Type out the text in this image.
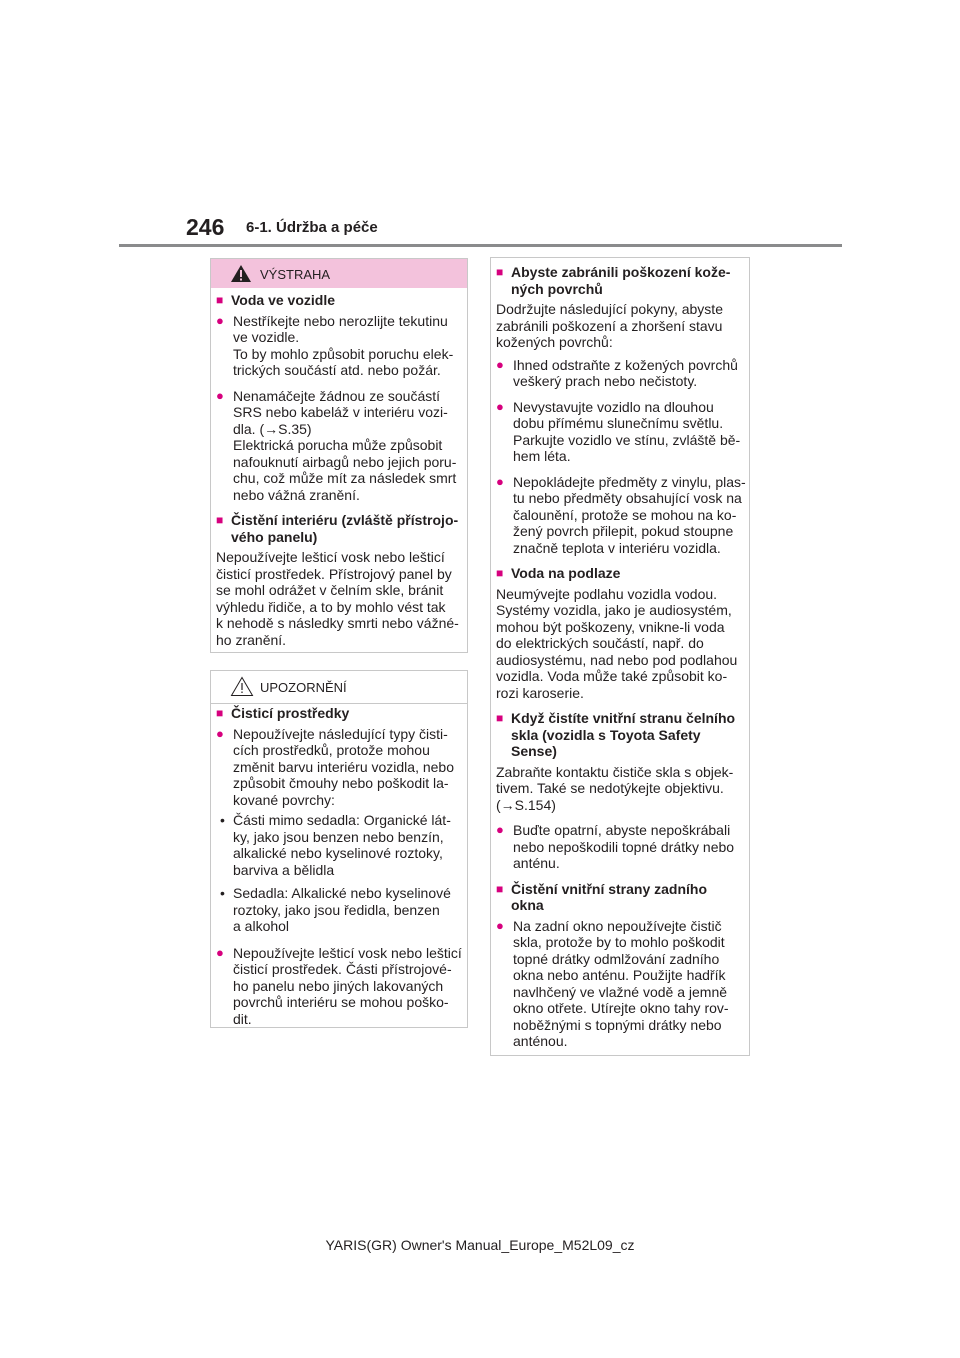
246 6-1. Údržba a péče
VÝSTRAHA
■ Voda ve vozidle
● Nestříkejte nebo nerozlijte tekutinu
ve vozidle.
To by mohlo způsobit poruchu elek-
trických součástí atd. nebo požár.
● Nenamáčejte žádnou ze součástí
SRS nebo kabeláž v interiéru vozi-
dla. (→S.35)
Elektrická porucha může způsobit
nafouknutí airbagů nebo jejich poru-
chu, což může mít za následek smrt
nebo vážná zranění.
■ Čistění interiéru (zvláště přístrojo-
vého panelu)
Nepoužívejte lešticí vosk nebo lešticí
čisticí prostředek. Přístrojový panel by
se mohl odrážet v čelním skle, bránit
výhledu řidiče, a to by mohlo vést tak
k nehodě s následky smrti nebo vážné-
ho zranění.
UPOZORNĚNÍ
■ Čisticí prostředky
● Nepoužívejte následující typy čisti-
cích prostředků, protože mohou
změnit barvu interiéru vozidla, nebo
způsobit čmouhy nebo poškodit la-
kované povrchy:
• Části mimo sedadla: Organické lát-
ky, jako jsou benzen nebo benzín,
alkalické nebo kyselinové roztoky,
barviva a bělidla
• Sedadla: Alkalické nebo kyselinové
roztoky, jako jsou ředidla, benzen
a alkohol
● Nepoužívejte lešticí vosk nebo lešticí
čisticí prostředek. Části přístrojové-
ho panelu nebo jiných lakovaných
povrchů interiéru se mohou poško-
dit.
■ Abyste zabránili poškození kože-
ných povrchů
Dodržujte následující pokyny, abyste
zabránili poškození a zhoršení stavu
kožených povrchů:
● Ihned odstraňte z kožených povrchů
veškerý prach nebo nečistoty.
● Nevystavujte vozidlo na dlouhou
dobu přímému slunečnímu světlu.
Parkujte vozidlo ve stínu, zvláště bě-
hem léta.
● Nepokládejte předměty z vinylu, plas-
tu nebo předměty obsahující vosk na
čalounění, protože se mohou na ko-
žený povrch přilepit, pokud stoupne
značně teplota v interiéru vozidla.
■ Voda na podlaze
Neumývejte podlahu vozidla vodou.
Systémy vozidla, jako je audiosystém,
mohou být poškozeny, vnikne-li voda
do elektrických součástí, např. do
audiosystému, nad nebo pod podlahou
vozidla. Voda může také způsobit ko-
rozi karoserie.
■ Když čistíte vnitřní stranu čelního
skla (vozidla s Toyota Safety
Sense)
Zabraňte kontaktu čističe skla s objek-
tivem. Také se nedotýkejte objektivu.
(→S.154)
● Buďte opatrní, abyste nepoškrábali
nebo nepoškodili topné drátky nebo
anténu.
■ Čistění vnitřní strany zadního
okna
● Na zadní okno nepoužívejte čistič
skla, protože by to mohlo poškodit
topné drátky odmlžování zadního
okna nebo anténu. Použijte hadřík
navlhčený ve vlažné vodě a jemně
okno otřete. Utírejte okno tahy rov-
noběžnými s topnými drátky nebo
anténou.
YARIS(GR) Owner's Manual_Europe_M52L09_cz
